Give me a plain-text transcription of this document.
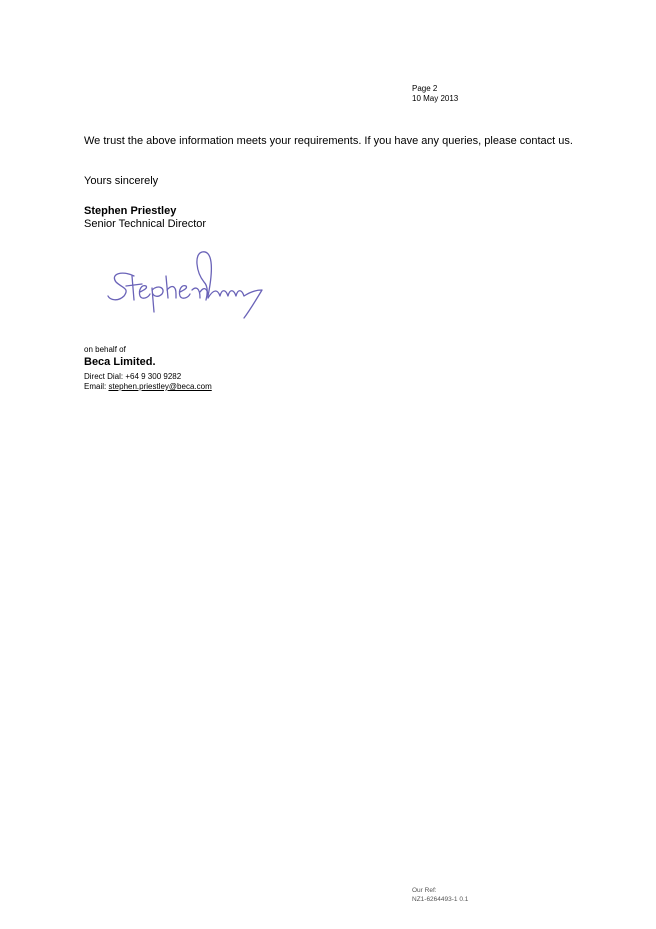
Page 2
10 May 2013
We trust the above information meets your requirements. If you have any queries, please contact us.
Yours sincerely
Stephen Priestley
Senior Technical Director
on behalf of
Beca Limited.
Direct Dial: +64 9 300 9282
Email: stephen.priestley@beca.com
Our Ref:
NZ1-6264493-1 0.1
